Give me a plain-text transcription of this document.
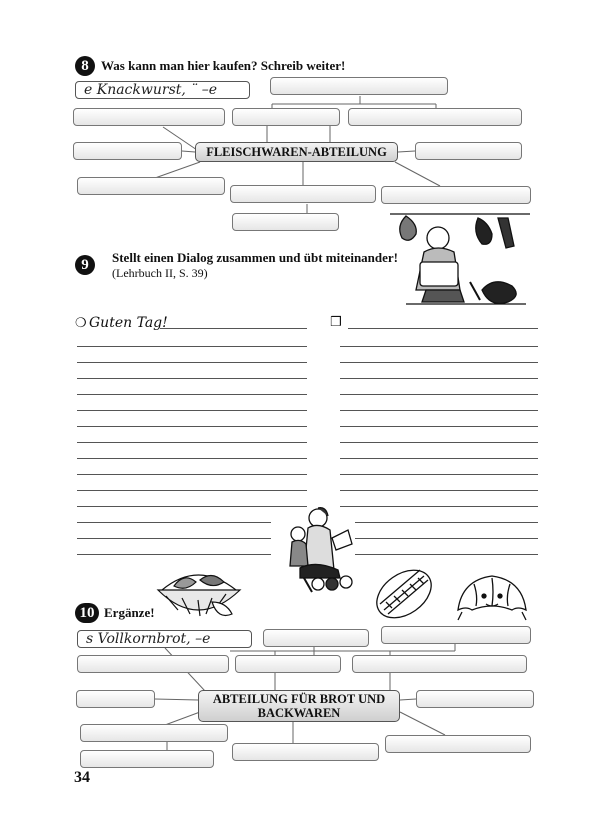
8 Was kann man hier kaufen? Schreib weiter!
e Knackwurst, ¨ –e
FLEISCHWAREN-ABTEILUNG
9	Stellt einen Dialog zusammen und übt miteinander!
(Lehrbuch II, S. 39)
❍ Guten Tag!	❒
10 Ergänze!
s Vollkornbrot, –e
ABTEILUNG FÜR BROT UND
BACKWAREN
34
